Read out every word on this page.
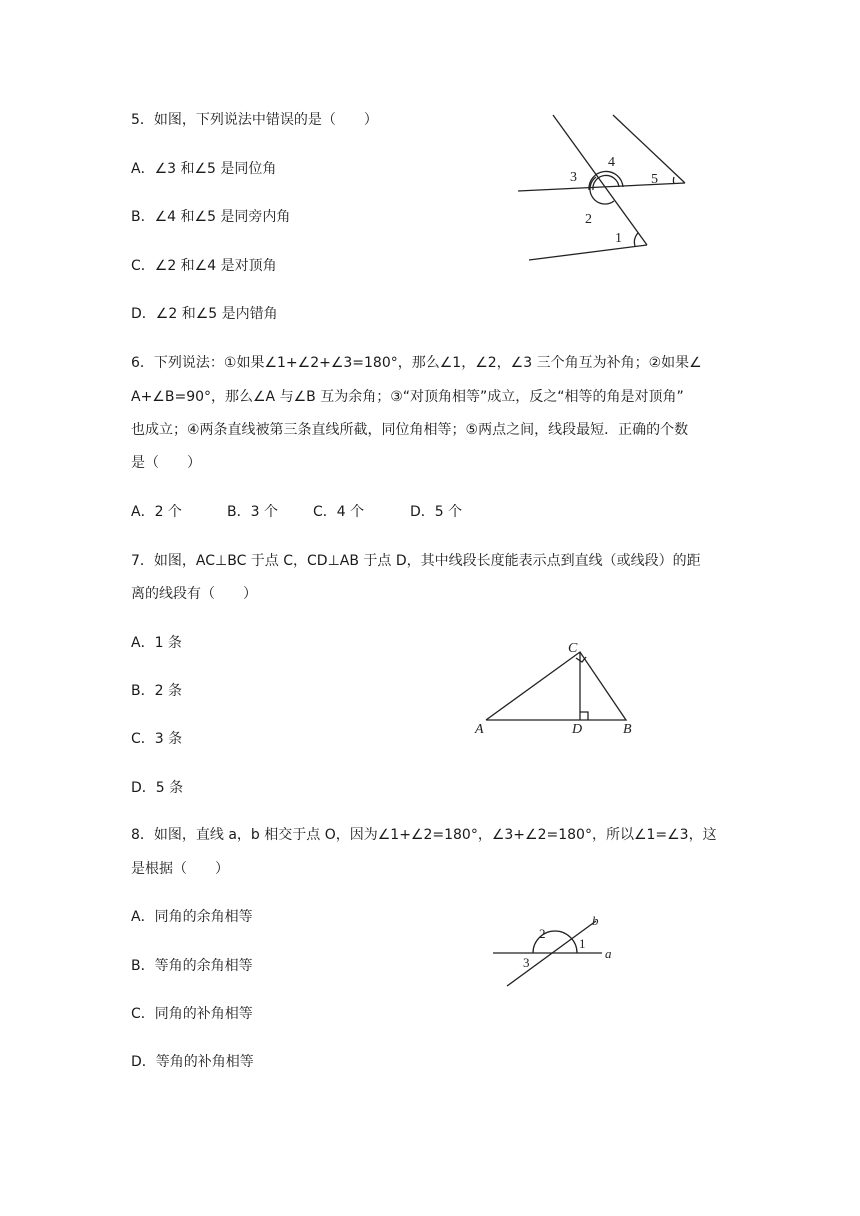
5．如图，下列说法中错误的是（　　）
A．∠3 和∠5 是同位角
B．∠4 和∠5 是同旁内角
C．∠2 和∠4 是对顶角
D．∠2 和∠5 是内错角
3
4
5
2
1
6．下列说法：①如果∠1+∠2+∠3=180°，那么∠1，∠2，∠3 三个角互为补角；②如果∠
A+∠B=90°，那么∠A 与∠B 互为余角；③“对顶角相等”成立，反之“相等的角是对顶角”
也成立；④两条直线被第三条直线所截，同位角相等；⑤两点之间，线段最短．正确的个数
是（　　）
A．2 个	B．3 个	C．4 个	D．5 个
7．如图，AC⊥BC 于点 C，CD⊥AB 于点 D，其中线段长度能表示点到直线（或线段）的距
离的线段有（　　）
A．1 条
B．2 条
C．3 条
D．5 条
C
A	D	B
8．如图，直线 a，b 相交于点 O，因为∠1+∠2=180°，∠3+∠2=180°，所以∠1=∠3，这
是根据（　　）
A．同角的余角相等
B．等角的余角相等
C．同角的补角相等
D．等角的补角相等
2
1
3
a
b
